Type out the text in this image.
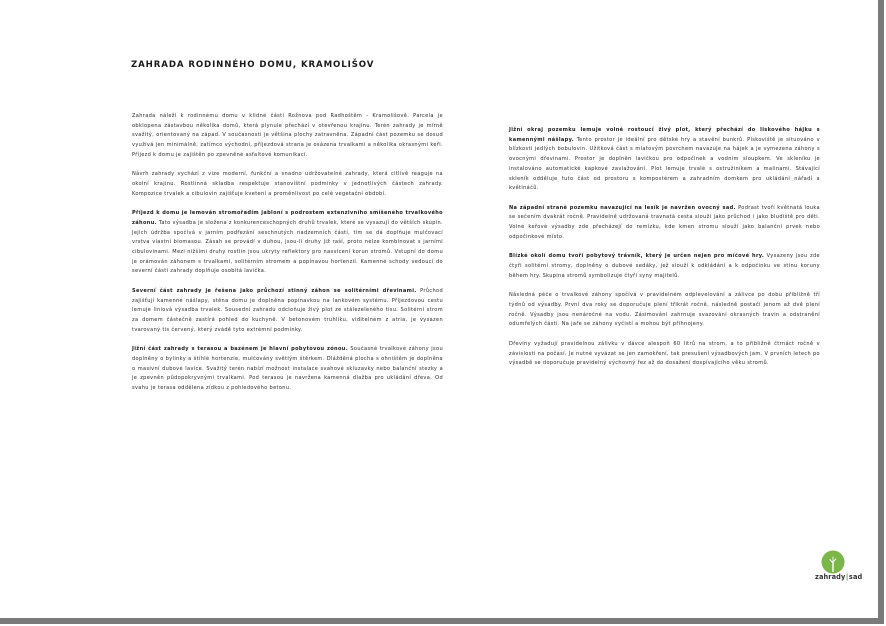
ZAHRADA RODINNÉHO DOMU, KRAMOLIŠOV

Zahrada náleží k rodinnému domu v klidné části Rožnova pod Radhoštěm - Kramolišově. Parcela je obklopena zástavbou několika domů, která plynule přechází v otevřenou krajinu. Terén zahrady je mírně svažitý, orientovaný na západ. V současnosti je většina plochy zatravněna. Západní část pozemku se dosud využívá jen minimálně, zatímco východní, příjezdová strana je osázena trvalkami a několika okrasnými keři. Příjezd k domu je zajištěn po zpevněné asfaltové komunikaci.

Návrh zahrady vychází z vize moderní, funkční a snadno udržovatelné zahrady, která citlivě reaguje na okolní krajinu. Rostlinná skladba respektuje stanovištní podmínky v jednotlivých částech zahrady. Kompozice trvalek a cibulovin zajišťuje kvetení a proměnlivost po celé vegetační období.

Příjezd k domu je lemován stromořadím jabloní s podrostem extenzivního smíšeného trvalkového záhonu. Tato výsadba je složena z konkurenceschopných druhů trvalek, které se vysazují do větších skupin. Jejich údržba spočívá v jarním podřezání seschnutých nadzemních částí, tím se dá doplňuje mulčovací vrstva vlastní biomasou. Zásah se provádí v duhou, jsou-li druhy již raší, proto nelze kombinovat s jarními cibulovinami. Mezi nižšími druhy rostlin jsou ukryty reflektory pro nasvícení korun stromů. Vstupní do domu je orámován záhonem s trvalkami, solitérním stromem a popínavou hortenzií. Kamenné schody vedoucí do severní části zahrady doplňuje osobitá lavička.

Severní část zahrady je řešena jako průchozí stinný záhon se solitérními dřevinami. Průchod zajišťují kamenné nášlapy, stěna domu je doplněna popínavkou na lankovém systému. Přijezdovou cestu lemuje liniová výsadba trvalek. Sousední zahradu odcloňuje živý plot ze stálezeleného tisu. Solitérní strom za domem částečně zastírá pohled do kuchyně. V betonovém truhlíku, viditelném z atria, je vysazen tvarovaný tis červený, který zvádě tyto extrémní podmínky.

Jižní část zahrady s terasou a bazénem je hlavní pobytovou zónou. Současné trvalkové záhony jsou doplněny o bylinky a štíhlé hortenzie, mulčovány světlým štěrkem. Dlážděná plocha s ohništěm je doplněna o masivní dubové lavice. Svažitý terén nabízí možnost instalace svahové skluzavky nebo balanční stezky a je zpevněn půdopokryvnými trvalkami. Pod terasou je navržena kamenná dlažba pro ukládání dřeva. Od svahu je terasa oddělena zídkou z pohledového betonu.

Jižní okraj pozemku lemuje volně rostoucí živý plot, který přechází do liskového hájku s kamennými nášlapy. Tento prostor je ideální pro dětské hry a stavění bunkrů. Pískoviště je situováno v blízkosti jedlých bobulovin. Užitková část s mlatovým povrchem navazuje na hájek a je vymezena záhony s ovocnými dřevinami. Prostor je doplněn lavičkou pro odpočinek a vodním sloupkem. Ve skleníku je instalováno automatické kapkové zavlažování. Plot lemuje trvalé s ostružiníkem a malinami. Stávající skleník odděluje tuto část od prostoru s kompostérem a zahradním domkem pro ukládání nářadí a květináčů.

Na západní straně pozemku navazující na lesík je navržen ovocný sad. Podrast tvoří květnatá louka se sečením dvakrát ročně. Pravidelně udržovaná travnatá cesta slouží jako průchod i jako bludiště pro děti. Volné keřové výsadby zde přecházejí do remízku, kde kmen stromu slouží jako balanční prvek nebo odpočinkové místo.

Blízké okolí domu tvoří pobytový trávník, který je určen nejen pro míčové hry. Vysazeny jsou zde čtyři solitérní stromy, doplněny o dubové sedáky, jež slouží k odkládání a k odpočinku ve stínu koruny během hry. Skupina stromů symbolizuje čtyři syny majitelů.

Následná péče o trvalkové záhony spočívá v pravidelném odplevelování a zálivce po dobu přibližně tří týdnů od výsadby. První dva roky se doporučuje plení třikrát ročně, následně postačí jenom až dvě plení ročně. Výsadby jsou nenáročné na vodu. Zásimování zahrnuje svazování okrasných travin a odstranění odumřelých částí. Na jaře se záhony vyčistí a mohou být přihnojeny.

Dřeviny vyžadují pravidelnou zálivku v dávce alespoň 60 litrů na strom, a to přibližně čtrnáct ročně v závislosti na počasí. Je nutné vyvázat se jen zamokření, tak presušení výsadbových jam. V prvních letech po výsadbě se doporučuje pravidelný výchovný řez až do dosažení dospívajícího věku stromů.

zahrady|sad
